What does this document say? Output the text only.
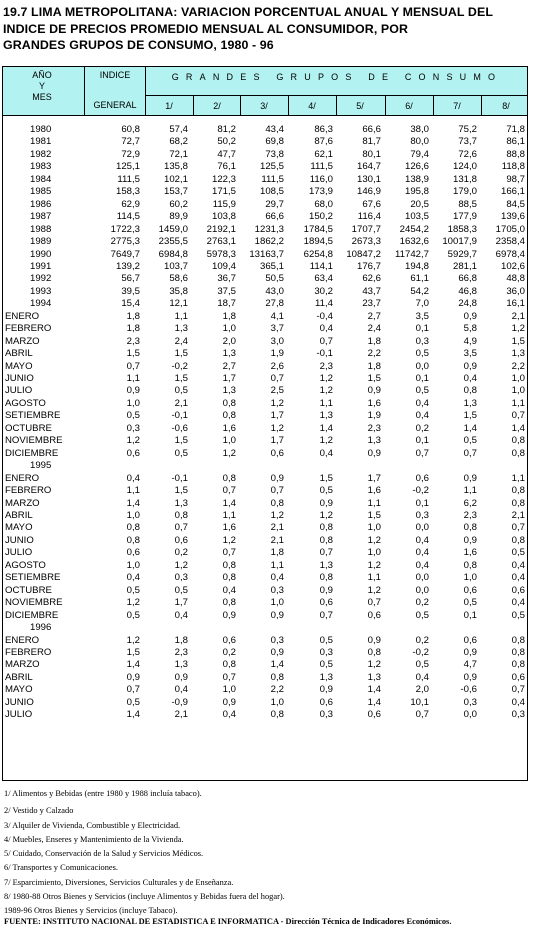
19.7 LIMA METROPOLITANA: VARIACION PORCENTUAL ANUAL Y MENSUAL DEL
INDICE DE PRECIOS PROMEDIO MENSUAL AL CONSUMIDOR, POR
GRANDES GRUPOS DE CONSUMO, 1980 - 96
AÑO
Y
MES
INDICE
GENERAL
GRANDES GRUPOS DE CONSUMO
1/	2/	3/	4/	5/	6/	7/	8/
1980	60,8	57,4	81,2	43,4	86,3	66,6	38,0	75,2	71,8
1981	72,7	68,2	50,2	69,8	87,6	81,7	80,0	73,7	86,1
1982	72,9	72,1	47,7	73,8	62,1	80,1	79,4	72,6	88,8
1983	125,1	135,8	76,1	125,5	111,5	164,7	126,6	124,0	118,8
1984	111,5	102,1	122,3	111,5	116,0	130,1	138,9	131,8	98,7
1985	158,3	153,7	171,5	108,5	173,9	146,9	195,8	179,0	166,1
1986	62,9	60,2	115,9	29,7	68,0	67,6	20,5	88,5	84,5
1987	114,5	89,9	103,8	66,6	150,2	116,4	103,5	177,9	139,6
1988	1722,3	1459,0	2192,1	1231,3	1784,5	1707,7	2454,2	1858,3	1705,0
1989	2775,3	2355,5	2763,1	1862,2	1894,5	2673,3	1632,6	10017,9	2358,4
1990	7649,7	6984,8	5978,3	13163,7	6254,8	10847,2	11742,7	5929,7	6978,4
1991	139,2	103,7	109,4	365,1	114,1	176,7	194,8	281,1	102,6
1992	56,7	58,6	36,7	50,5	63,4	62,6	61,1	66,8	48,8
1993	39,5	35,8	37,5	43,0	30,2	43,7	54,2	46,8	36,0
1994	15,4	12,1	18,7	27,8	11,4	23,7	7,0	24,8	16,1
ENERO	1,8	1,1	1,8	4,1	-0,4	2,7	3,5	0,9	2,1
FEBRERO	1,8	1,3	1,0	3,7	0,4	2,4	0,1	5,8	1,2
MARZO	2,3	2,4	2,0	3,0	0,7	1,8	0,3	4,9	1,5
ABRIL	1,5	1,5	1,3	1,9	-0,1	2,2	0,5	3,5	1,3
MAYO	0,7	-0,2	2,7	2,6	2,3	1,8	0,0	0,9	2,2
JUNIO	1,1	1,5	1,7	0,7	1,2	1,5	0,1	0,4	1,0
JULIO	0,9	0,5	1,3	2,5	1,2	0,9	0,5	0,8	1,0
AGOSTO	1,0	2,1	0,8	1,2	1,1	1,6	0,4	1,3	1,1
SETIEMBRE	0,5	-0,1	0,8	1,7	1,3	1,9	0,4	1,5	0,7
OCTUBRE	0,3	-0,6	1,6	1,2	1,4	2,3	0,2	1,4	1,4
NOVIEMBRE	1,2	1,5	1,0	1,7	1,2	1,3	0,1	0,5	0,8
DICIEMBRE	0,6	0,5	1,2	0,6	0,4	0,9	0,7	0,7	0,8
1995
ENERO	0,4	-0,1	0,8	0,9	1,5	1,7	0,6	0,9	1,1
FEBRERO	1,1	1,5	0,7	0,7	0,5	1,6	-0,2	1,1	0,8
MARZO	1,4	1,3	1,4	0,8	0,9	1,1	0,1	6,2	0,8
ABRIL	1,0	0,8	1,1	1,2	1,2	1,5	0,3	2,3	2,1
MAYO	0,8	0,7	1,6	2,1	0,8	1,0	0,0	0,8	0,7
JUNIO	0,8	0,6	1,2	2,1	0,8	1,2	0,4	0,9	0,8
JULIO	0,6	0,2	0,7	1,8	0,7	1,0	0,4	1,6	0,5
AGOSTO	1,0	1,2	0,8	1,1	1,3	1,2	0,4	0,8	0,4
SETIEMBRE	0,4	0,3	0,8	0,4	0,8	1,1	0,0	1,0	0,4
OCTUBRE	0,5	0,5	0,4	0,3	0,9	1,2	0,0	0,6	0,6
NOVIEMBRE	1,2	1,7	0,8	1,0	0,6	0,7	0,2	0,5	0,4
DICIEMBRE	0,5	0,4	0,9	0,9	0,7	0,6	0,5	0,1	0,5
1996
ENERO	1,2	1,8	0,6	0,3	0,5	0,9	0,2	0,6	0,8
FEBRERO	1,5	2,3	0,2	0,9	0,3	0,8	-0,2	0,9	0,8
MARZO	1,4	1,3	0,8	1,4	0,5	1,2	0,5	4,7	0,8
ABRIL	0,9	0,9	0,7	0,8	1,3	1,3	0,4	0,9	0,6
MAYO	0,7	0,4	1,0	2,2	0,9	1,4	2,0	-0,6	0,7
JUNIO	0,5	-0,9	0,9	1,0	0,6	1,4	10,1	0,3	0,4
JULIO	1,4	2,1	0,4	0,8	0,3	0,6	0,7	0,0	0,3
1/ Alimentos y Bebidas (entre 1980 y 1988 incluía tabaco).
2/ Vestido y Calzado
3/ Alquiler de Vivienda, Combustible y Electricidad.
4/ Muebles, Enseres y Mantenimiento de la Vivienda.
5/ Cuidado, Conservación de la Salud y Servicios Médicos.
6/ Transportes y Comunicaciones.
7/ Esparcimiento, Diversiones, Servicios Culturales y de Enseñanza.
8/ 1980-88 Otros Bienes y Servicios (incluye Alimentos y Bebidas fuera del hogar).
1989-96 Otros Bienes y Servicios (incluye Tabaco).
FUENTE: INSTITUTO NACIONAL DE ESTADISTICA E INFORMATICA - Dirección Técnica de Indicadores Económicos.
